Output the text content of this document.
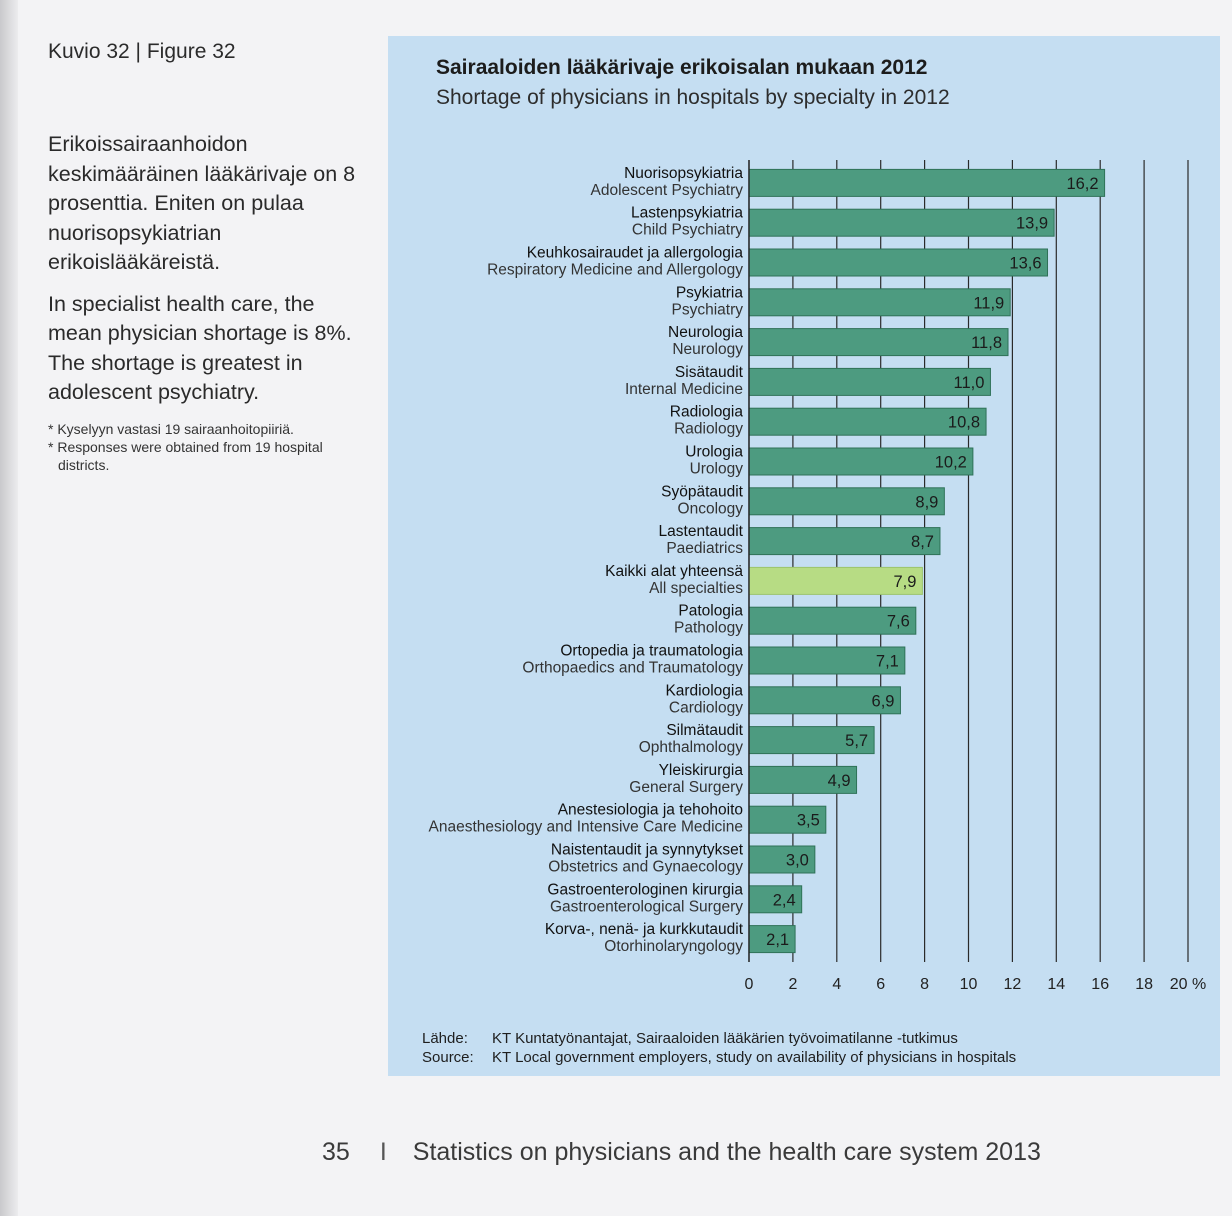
Kuvio 32 | Figure 32
Erikoissairaanhoidon keskimääräinen lääkärivaje on 8 prosenttia. Eniten on pulaa nuorisopsykiatrian erikoislääkäreistä.
In specialist health care, the mean physician shortage is 8%. The shortage is greatest in adolescent psychiatry.
* Kyselyyn vastasi 19 sairaanhoitopiiriä.
* Responses were obtained from 19 hospital districts.
Sairaaloiden lääkärivaje erikoisalan mukaan 2012
Shortage of physicians in hospitals by specialty in 2012
0 2 4 6 8 10 12 14 16 18 20 %
16,2
Nuorisopsykiatria
Adolescent Psychiatry
13,9
Lastenpsykiatria
Child Psychiatry
13,6
Keuhkosairaudet ja allergologia
Respiratory Medicine and Allergology
11,9
Psykiatria
Psychiatry
11,8
Neurologia
Neurology
11,0
Sisätaudit
Internal Medicine
10,8
Radiologia
Radiology
10,2
Urologia
Urology
8,9
Syöpätaudit
Oncology
8,7
Lastentaudit
Paediatrics
7,9
Kaikki alat yhteensä
All specialties
7,6
Patologia
Pathology
7,1
Ortopedia ja traumatologia
Orthopaedics and Traumatology
6,9
Kardiologia
Cardiology
5,7
Silmätaudit
Ophthalmology
4,9
Yleiskirurgia
General Surgery
3,5
Anestesiologia ja tehohoito
Anaesthesiology and Intensive Care Medicine
3,0
Naistentaudit ja synnytykset
Obstetrics and Gynaecology
2,4
Gastroenterologinen kirurgia
Gastroenterological Surgery
2,1
Korva-, nenä- ja kurkkutaudit
Otorhinolaryngology
Lähde: KT Kuntatyönantajat, Sairaaloiden lääkärien työvoimatilanne -tutkimus
Source: KT Local government employers, study on availability of physicians in hospitals
35 I Statistics on physicians and the health care system 2013
